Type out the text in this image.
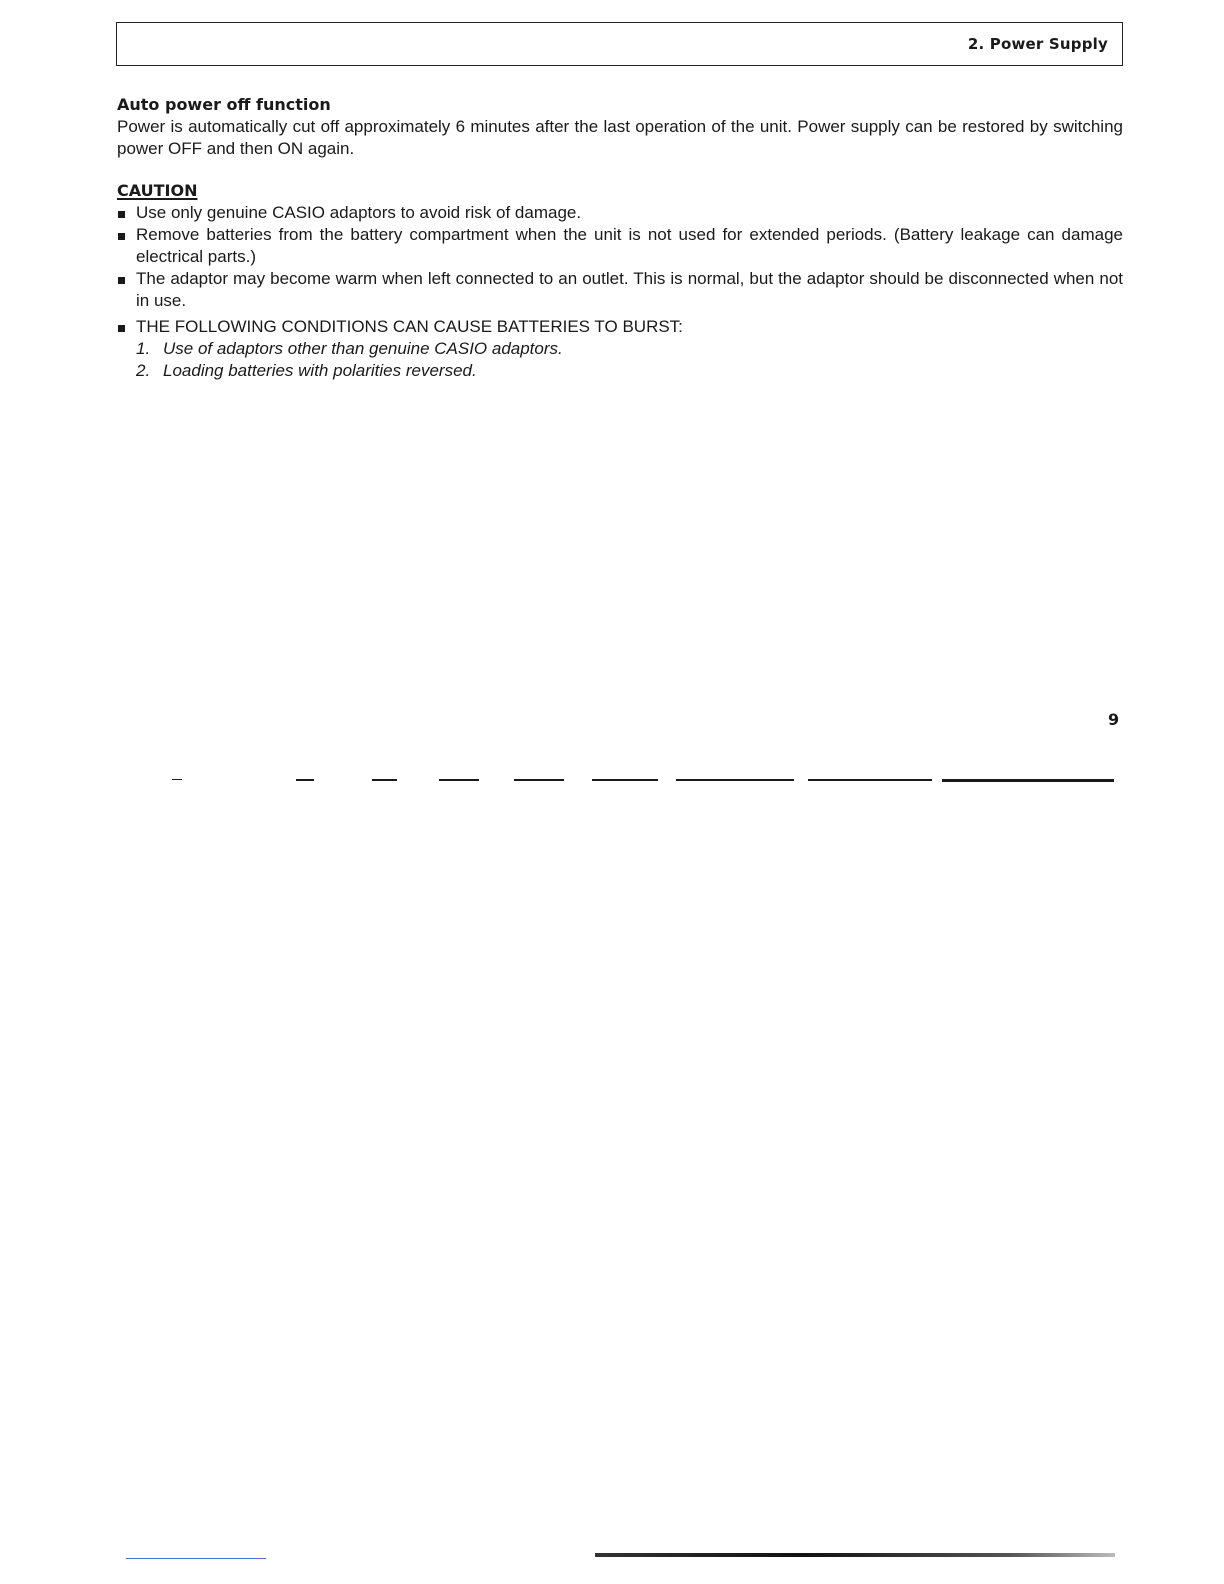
2. Power Supply
Auto power off function

Power is automatically cut off approximately 6 minutes after the last operation of the unit. Power supply can be restored by switching power OFF and then ON again.

CAUTION
Use only genuine CASIO adaptors to avoid risk of damage.
Remove batteries from the battery compartment when the unit is not used for extended periods. (Battery leakage can damage electrical parts.)
The adaptor may become warm when left connected to an outlet. This is normal, but the adaptor should be disconnected when not in use.
THE FOLLOWING CONDITIONS CAN CAUSE BATTERIES TO BURST:
1. Use of adaptors other than genuine CASIO adaptors.
2. Loading batteries with polarities reversed.
9
